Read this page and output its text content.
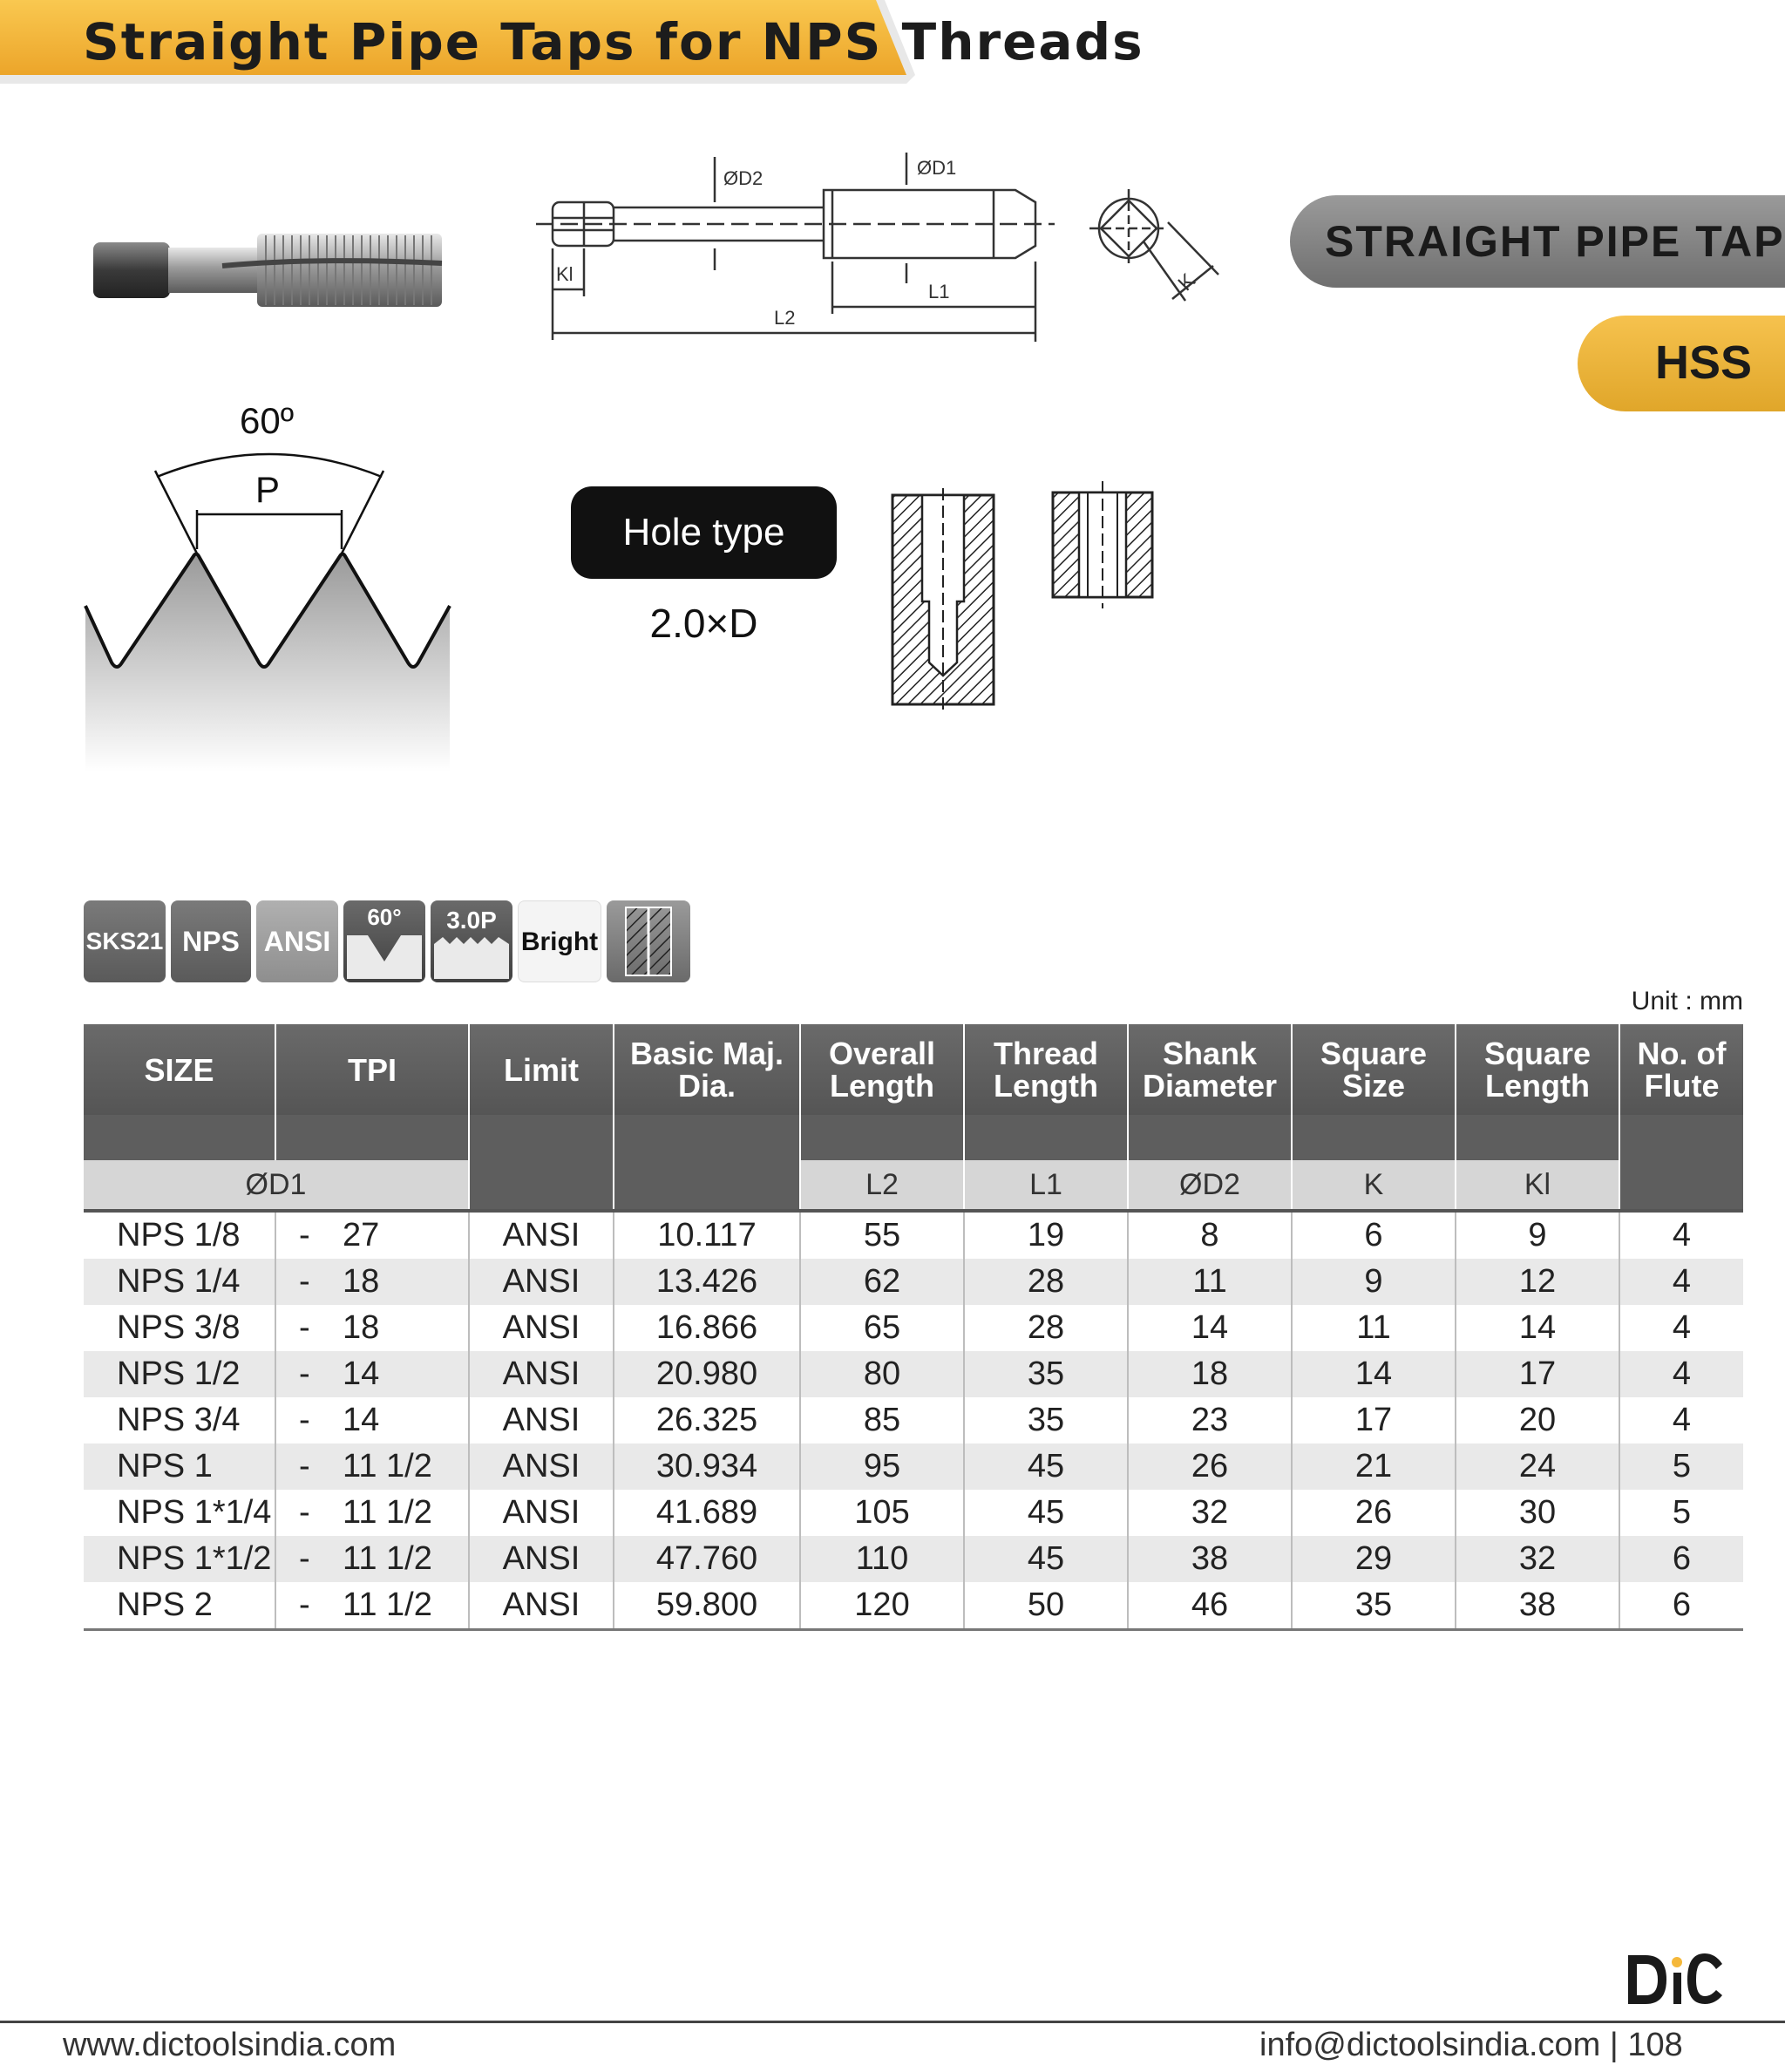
Straight Pipe Taps for NPS Threads
ØD2	ØD1
Kl
L1
L2
K
STRAIGHT PIPE TAP
HSS
60º
P
Hole type
2.0×D
SKS21 NPS ANSI
60°	3.0P
Bright
Unit : mm
SIZE	TPI	Limit	Basic Maj. Dia.	Overall Length	Thread Length	Shank Diameter	Square Size	Square Length	No. of Flute

ØD1				L2	L1	ØD2	K	Kl	
NPS 1/8	- 27	ANSI	10.117	55	19	8	6	9	4
NPS 1/4	- 18	ANSI	13.426	62	28	11	9	12	4
NPS 3/8	- 18	ANSI	16.866	65	28	14	11	14	4
NPS 1/2	- 14	ANSI	20.980	80	35	18	14	17	4
NPS 3/4	- 14	ANSI	26.325	85	35	23	17	20	4
NPS 1	- 11 1/2	ANSI	30.934	95	45	26	21	24	5
NPS 1*1/4	- 11 1/2	ANSI	41.689	105	45	32	26	30	5
NPS 1*1/2	- 11 1/2	ANSI	47.760	110	45	38	29	32	6
NPS 2	- 11 1/2	ANSI	59.800	120	50	46	35	38	6
www.dictoolsindia.com	info@dictoolsindia.com | 108
